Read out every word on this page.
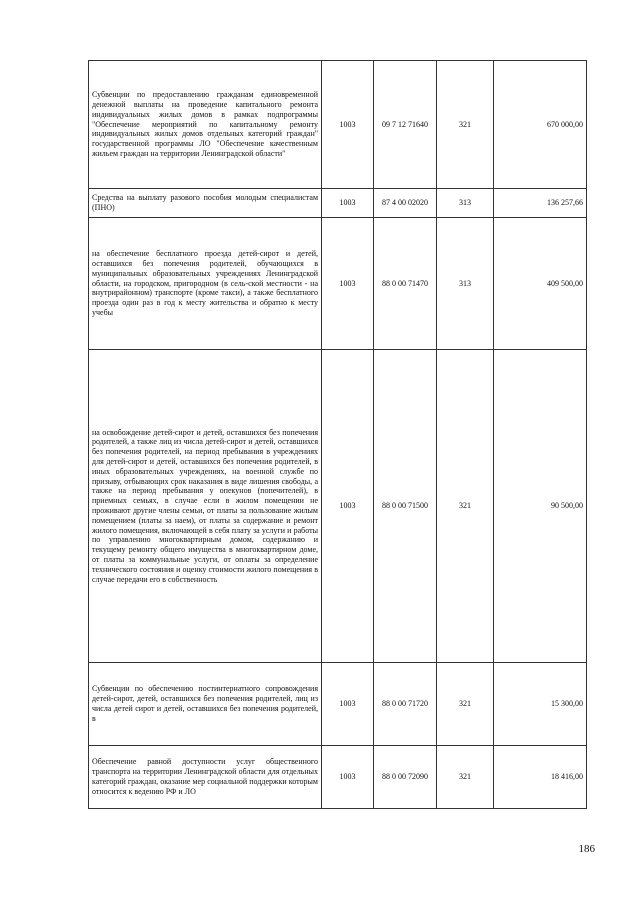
Субвенции по предоставлению гражданам единовременной денежной выплаты на проведение капитального ремонта индивидуальных жилых домов в рамках подпрограммы "Обеспечение мероприятий по капитальному ремонту индивидуальных жилых домов отдельных категорий граждан" государственной программы ЛО "Обеспечение качественным жильем граждан на территории Ленинградской области"	1003	09 7 12 71640	321	670 000,00
Средства на выплату разового пособия молодым специалистам (ПНО)	1003	87 4 00 02020	313	136 257,66
на обеспечение бесплатного проезда детей-сирот и детей, оставшихся без попечения родителей, обучающихся в муниципальных образовательных учреждениях Ленинградской области, на городском, пригородном (в сель-ской местности - на внутрирайонном) транспорте (кроме такси), а также бесплатного проезда один раз в год к месту жительства и обратно к месту учебы	1003	88 0 00 71470	313	409 500,00
на освобождение детей-сирот и детей, оставшихся без попечения родителей, а также лиц из числа детей-сирот и детей, оставшихся без попечения родителей, на период пребывания в учреждениях для детей-сирот и детей, оставшихся без попечения родителей, в иных образовательных учреждениях, на военной службе по призыву, отбывающих срок наказания в виде лишения свободы, а также на период пребывания у опекунов (попечителей), в приемных семьях, в случае если в жилом помещении не проживают другие члены семьи, от платы за пользование жилым помещением (платы за наем), от платы за содержание и ремонт жилого помещения, включающей в себя плату за услуги и работы по управлению многоквартирным домом, содержанию и текущему ремонту общего имущества в многоквартирном доме, от платы за коммунальные услуги, от оплаты за определение технического состояния и оценку стоимости жилого помещения в случае передачи его в собственность	1003	88 0 00 71500	321	90 500,00
Субвенции по обеспечению постинтернатного сопровождения детей-сирот, детей, оставшихся без попечения родителей, лиц из числа детей сирот и детей, оставшихся без попечения родителей, в	1003	88 0 00 71720	321	15 300,00
Обеспечение равной доступности услуг общественного транспорта на территории Ленинградской области для отдельных категорий граждан, оказание мер социальной поддержки которым относится к ведению РФ и ЛО	1003	88 0 00 72090	321	18 416,00
186
